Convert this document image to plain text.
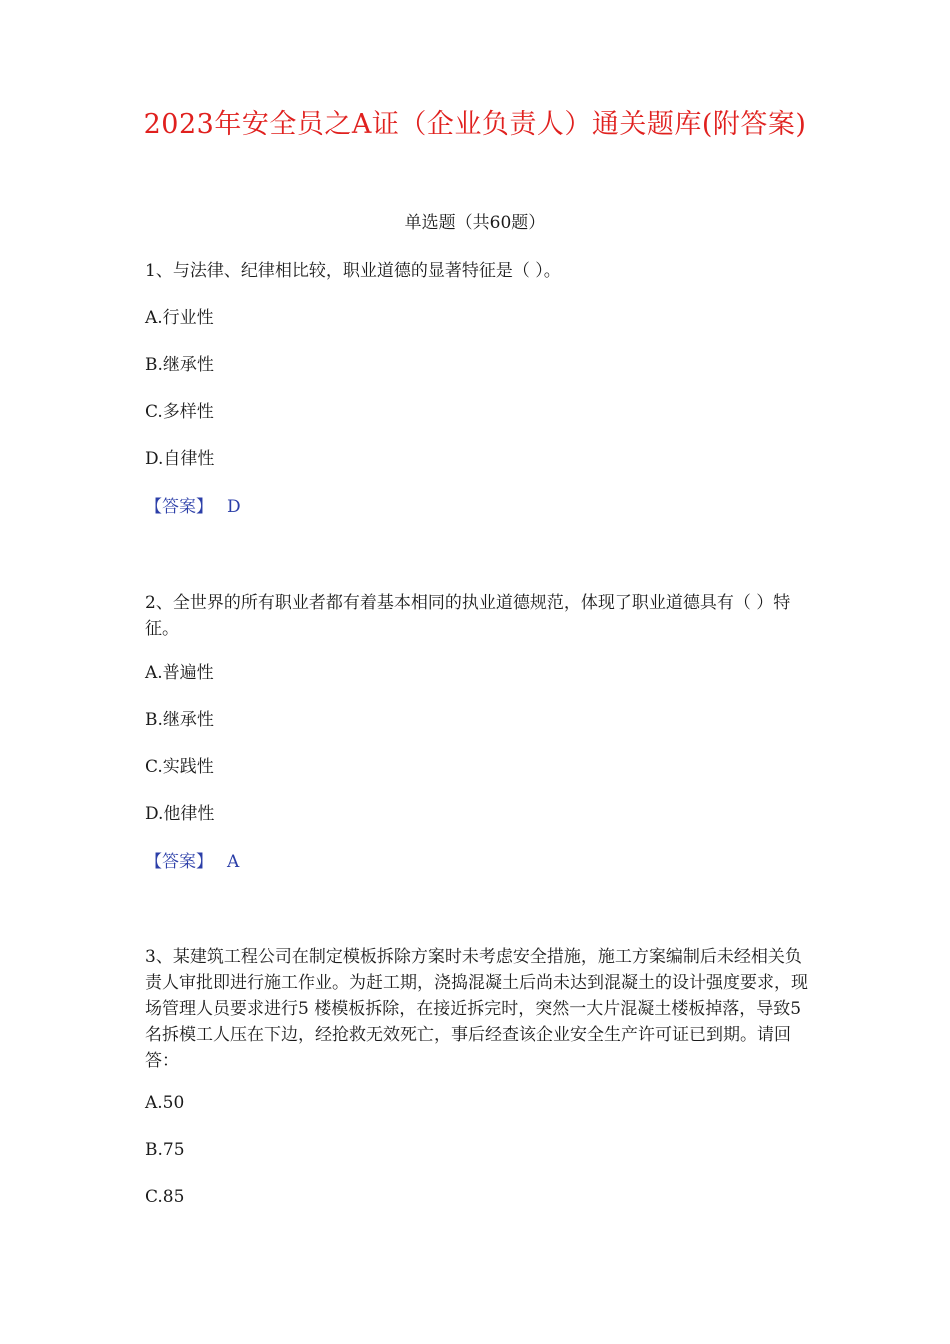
2023年安全员之A证（企业负责人）通关题库(附答案)
单选题（共60题）
1、与法律、纪律相比较，职业道德的显著特征是（ ）。
A.行业性
B.继承性
C.多样性
D.自律性
【答案】 D
2、全世界的所有职业者都有着基本相同的执业道德规范，体现了职业道德具有（ ）特征。
A.普遍性
B.继承性
C.实践性
D.他律性
【答案】 A
3、某建筑工程公司在制定模板拆除方案时未考虑安全措施，施工方案编制后未经相关负责人审批即进行施工作业。为赶工期，浇捣混凝土后尚未达到混凝土的设计强度要求，现场管理人员要求进行5 楼模板拆除，在接近拆完时，突然一大片混凝土楼板掉落，导致5 名拆模工人压在下边，经抢救无效死亡，事后经查该企业安全生产许可证已到期。请回答：
A.50
B.75
C.85
